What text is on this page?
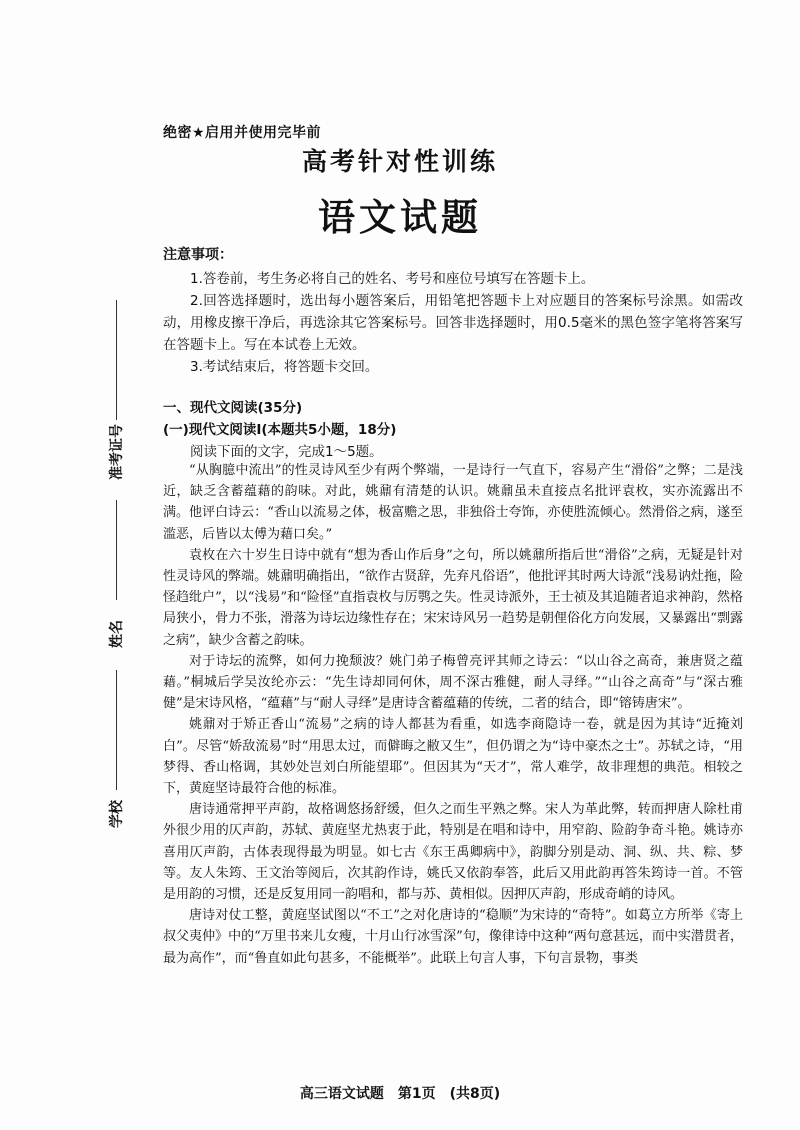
绝密★启用并使用完毕前
高考针对性训练
语文试题
注意事项：

1.答卷前，考生务必将自己的姓名、考号和座位号填写在答题卡上。

2.回答选择题时，选出每小题答案后，用铅笔把答题卡上对应题目的答案标号涂黑。如需改动，用橡皮擦干净后，再选涂其它答案标号。回答非选择题时，用0.5毫米的黑色签字笔将答案写在答题卡上。写在本试卷上无效。

3.考试结束后，将答题卡交回。

一、现代文阅读(35分)
(一)现代文阅读Ⅰ(本题共5小题，18分)
阅读下面的文字，完成1～5题。

“从胸臆中流出”的性灵诗风至少有两个弊端，一是诗行一气直下，容易产生“滑俗”之弊；二是浅近，缺乏含蓄蕴藉的韵味。对此，姚鼐有清楚的认识。姚鼐虽未直接点名批评袁枚，实亦流露出不满。他评白诗云：“香山以流易之体，极富赡之思，非独俗士夸饰，亦使胜流倾心。然滑俗之病，遂至滥恶，后皆以太傅为藉口矣。”

袁枚在六十岁生日诗中就有“想为香山作后身”之句，所以姚鼐所指后世“滑俗”之病，无疑是针对性灵诗风的弊端。姚鼐明确指出，“欲作古贤辞，先弃凡俗语”，他批评其时两大诗派“浅易讷灶拖，险怪趋纰户”，以“浅易”和“险怪”直指袁枚与厉鹗之失。性灵诗派外，王士祯及其追随者追求神韵，然格局狭小，骨力不张，滑落为诗坛边缘性存在；宋宋诗风另一趋势是朝俚俗化方向发展，又暴露出“剽露之病”，缺少含蓄之韵味。

对于诗坛的流弊，如何力挽颓波？姚门弟子梅曾亮评其师之诗云：“以山谷之高奇，兼唐贤之蕴藉。”桐城后学吴汝纶亦云：“先生诗却同何休，周不深古雅健，耐人寻绎。”“山谷之高奇”与“深古雅健”是宋诗风格，“蕴藉”与“耐人寻绎”是唐诗含蓄蕴藉的传统，二者的结合，即“镕铸唐宋”。

姚鼐对于矫正香山“流易”之病的诗人都甚为看重，如选李商隐诗一卷，就是因为其诗“近掩刘白”。尽管“娇敌流易”时“用思太过，而僻晦之敝又生”，但仍谓之为“诗中豪杰之士”。苏轼之诗，“用梦得、香山格调，其妙处岂刘白所能望耶”。但因其为“天才”，常人难学，故非理想的典范。相较之下，黄庭坚诗最符合他的标准。

唐诗通常押平声韵，故格调悠扬舒缓，但久之而生平熟之弊。宋人为革此弊，转而押唐人除杜甫外很少用的仄声韵，苏轼、黄庭坚尤热衷于此，特别是在唱和诗中，用窄韵、险韵争奇斗艳。姚诗亦喜用仄声韵，古体表现得最为明显。如七古《东王禹卿病中》，韵脚分别是动、洞、纵、共、粽、梦等。友人朱筠、王文治等阅后，次其韵作诗，姚氏又依韵奉答，此后又用此韵再答朱筠诗一首。不管是用韵的习惯，还是反复用同一韵唱和，都与苏、黄相似。因押仄声韵，形成奇峭的诗风。

唐诗对仗工整，黄庭坚试图以“不工”之对化唐诗的“稳顺”为宋诗的“奇特”。如葛立方所举《寄上叔父夷仲》中的“万里书来儿女瘦，十月山行冰雪深”句，像律诗中这种“两句意甚远，而中实潜贯者，最为高作”，而“鲁直如此句甚多，不能概举”。此联上句言人事，下句言景物，事类

高三语文试题　第1页　(共8页)
准考证号
姓名
学校
